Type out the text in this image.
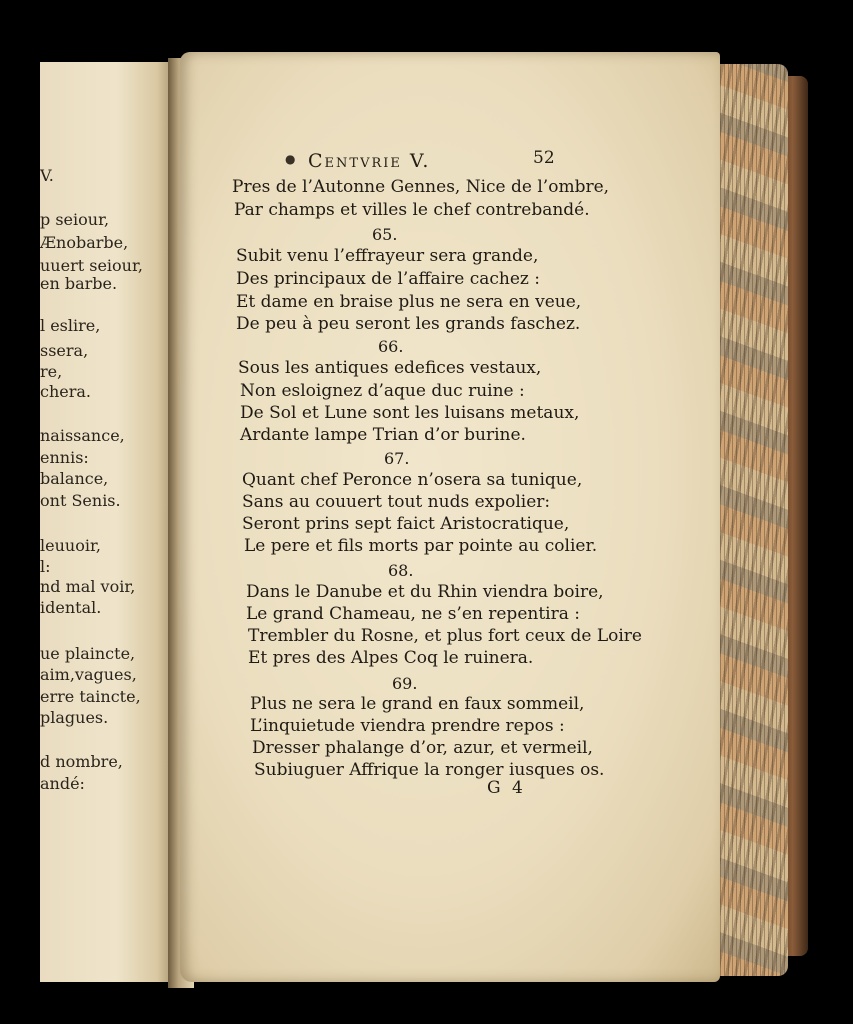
V.
p seiour,
Ænobarbe,
uuert seiour,
en barbe.
l eslire,
ssera,
re,
chera.
naissance,
ennis:
balance,
ont Senis.
leuuoir,
l:
nd mal voir,
idental.
ue plaincte,
aim,vagues,
erre taincte,
plagues.
d nombre,
andé:
● Centvrie V.	52
Pres de l’Autonne Gennes, Nice de l’ombre,
Par champs et villes le chef contrebandé.
65.
Subit venu l’effrayeur sera grande,
Des principaux de l’affaire cachez :
Et dame en braise plus ne sera en veue,
De peu à peu seront les grands faschez.
66.
Sous les antiques edefices vestaux,
Non esloignez d’aque duc ruine :
De Sol et Lune sont les luisans metaux,
Ardante lampe Trian d’or burine.
67.
Quant chef Peronce n’osera sa tunique,
Sans au couuert tout nuds expolier:
Seront prins sept faict Aristocratique,
Le pere et fils morts par pointe au colier.
68.
Dans le Danube et du Rhin viendra boire,
Le grand Chameau, ne s’en repentira :
Trembler du Rosne, et plus fort ceux de Loire
Et pres des Alpes Coq le ruinera.
69.
Plus ne sera le grand en faux sommeil,
L’inquietude viendra prendre repos :
Dresser phalange d’or, azur, et vermeil,
Subiuguer Affrique la ronger iusques os.
G 4
